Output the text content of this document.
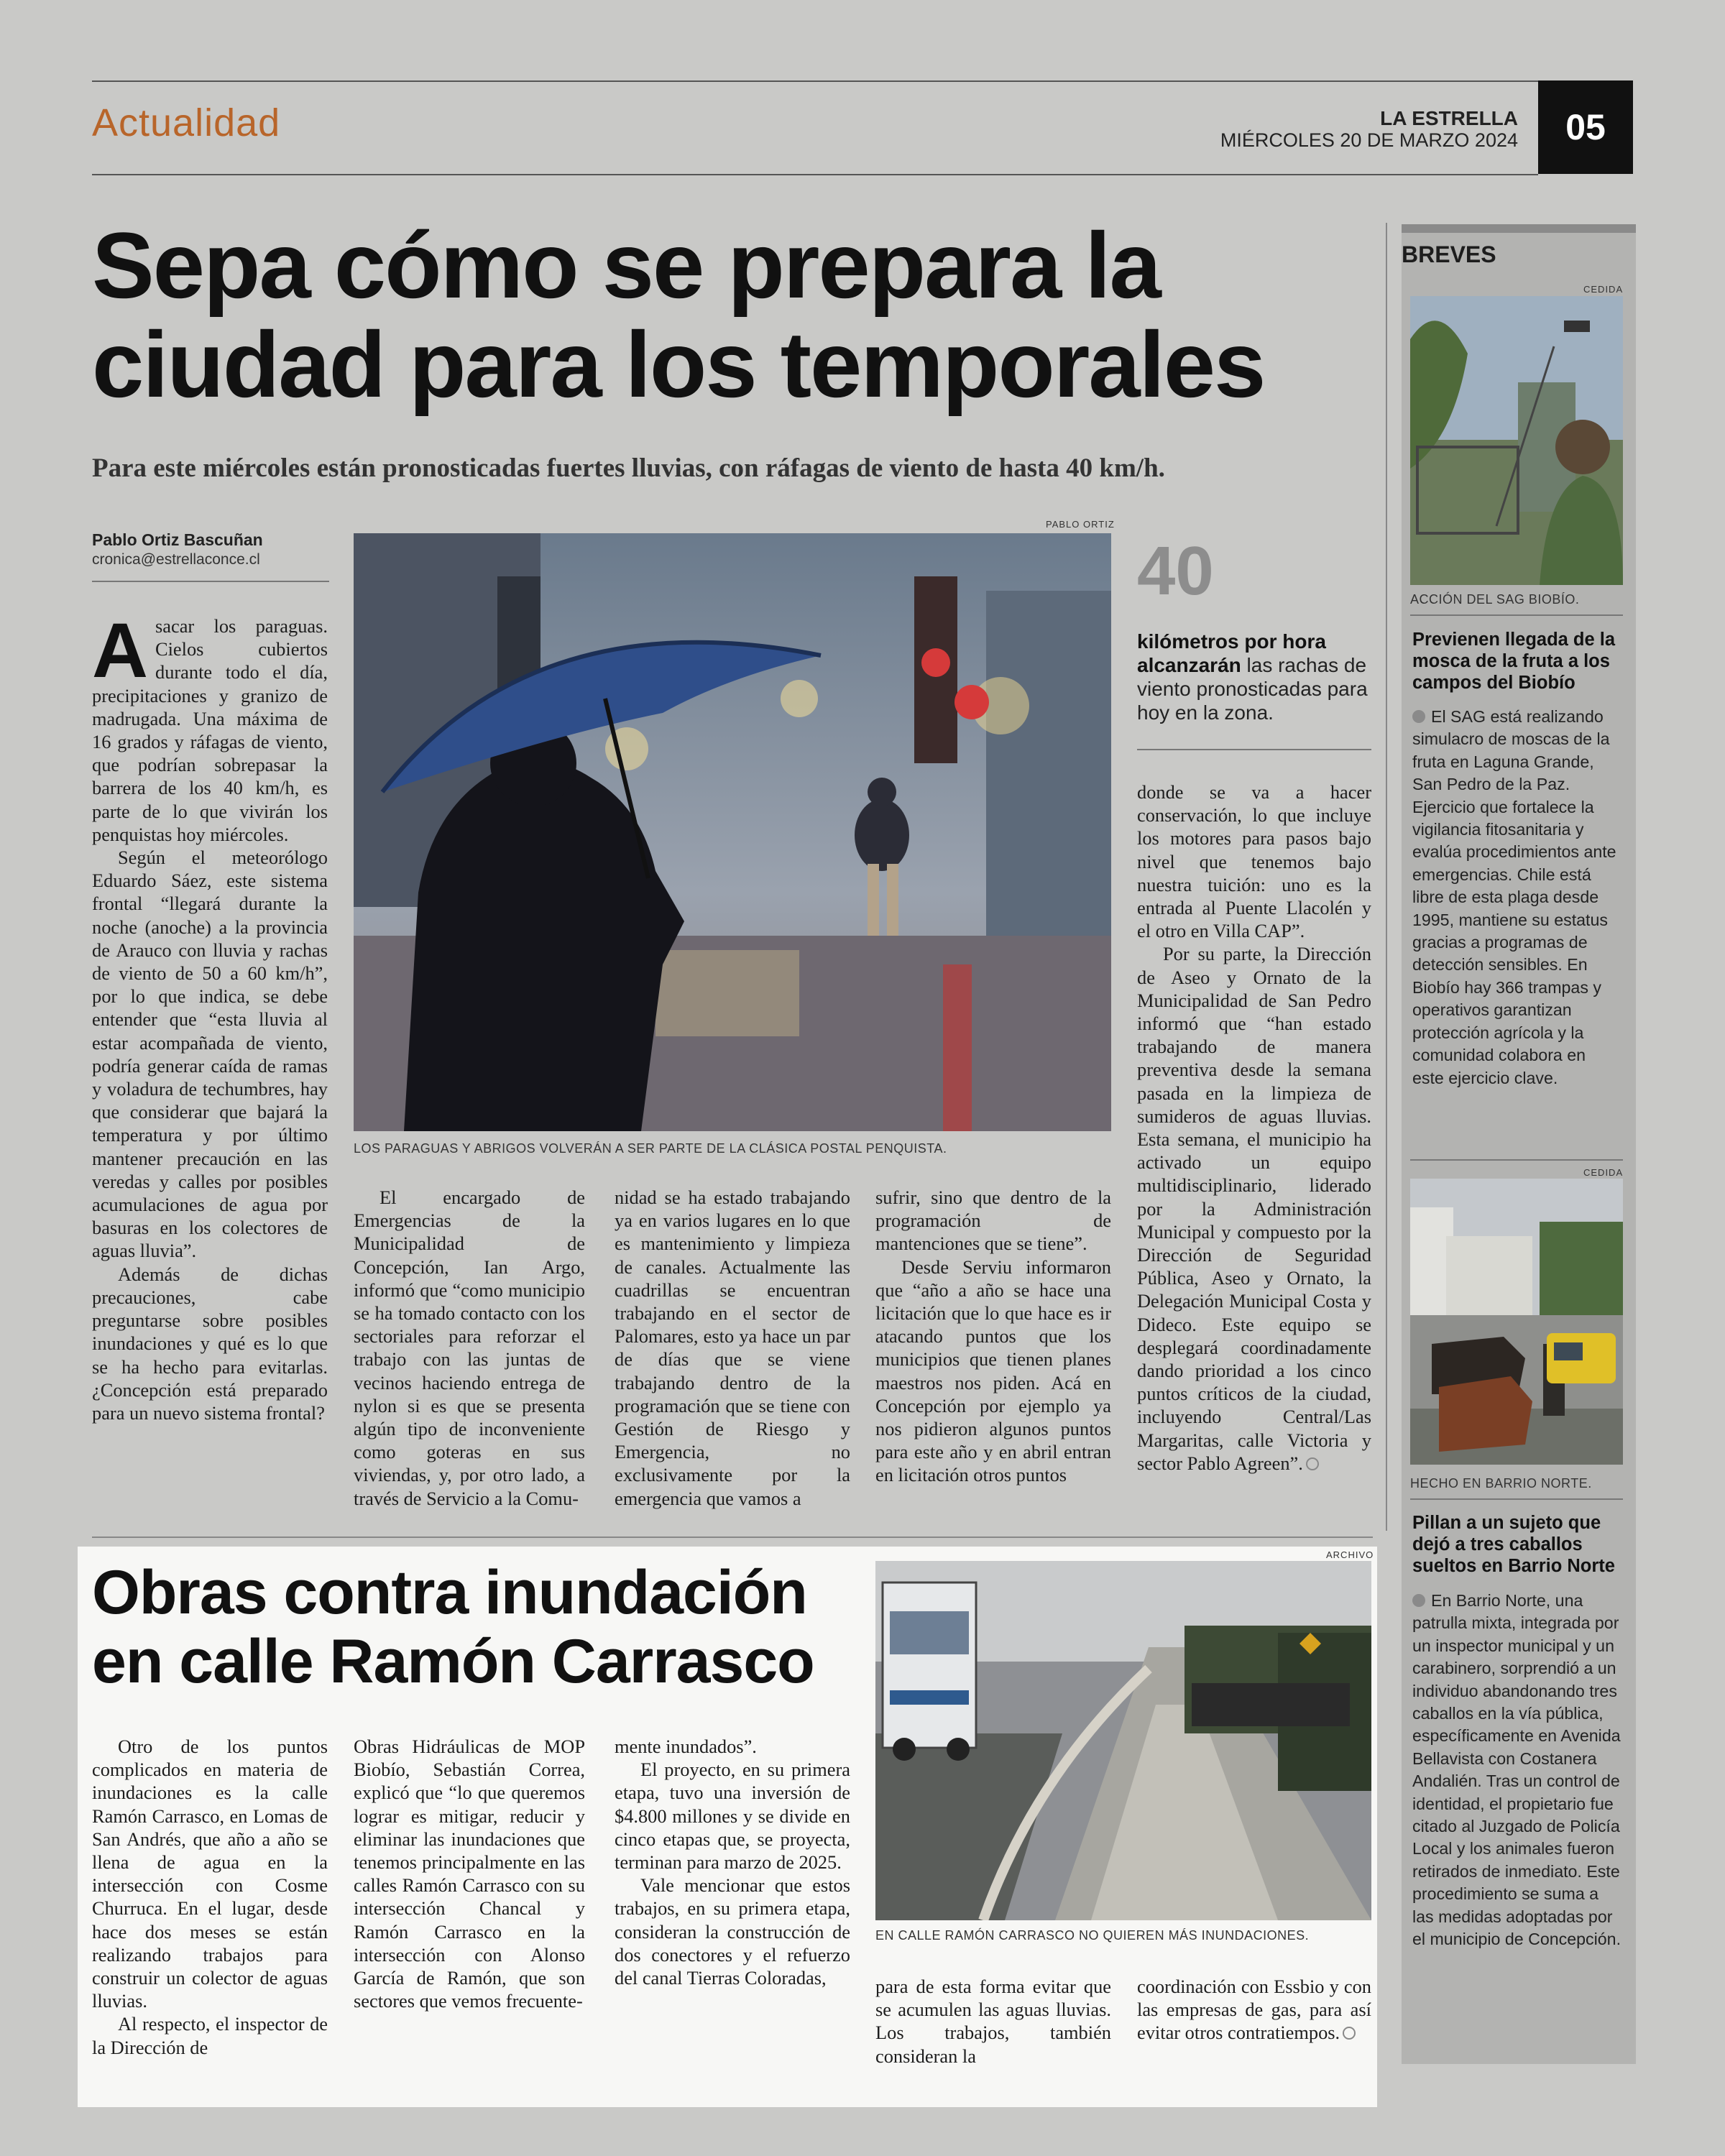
Actualidad	LA ESTRELLA
MIÉRCOLES 20 DE MARZO 2024	05
Sepa cómo se prepara la ciudad para los temporales
Para este miércoles están pronosticadas fuertes lluvias, con ráfagas de viento de hasta 40 km/h.
Pablo Ortiz Bascuñan
cronica@estrellaconce.cl
PABLO ORTIZ
LOS PARAGUAS Y ABRIGOS VOLVERÁN A SER PARTE DE LA CLÁSICA POSTAL PENQUISTA.
40
kilómetros por hora alcanzarán las rachas de viento pronosticadas para hoy en la zona.

Asacar los paraguas. Cielos cubiertos durante todo el día, precipitaciones y granizo de madrugada. Una máxima de 16 grados y ráfagas de viento, que podrían sobrepasar la barrera de los 40 km/h, es parte de lo que vivirán los penquistas hoy miércoles.

Según el meteorólogo Eduardo Sáez, este sistema frontal “llegará durante la noche (anoche) a la provincia de Arauco con lluvia y rachas de viento de 50 a 60 km/h”, por lo que indica, se debe entender que “esta lluvia al estar acompañada de viento, podría generar caída de ramas y voladura de techumbres, hay que considerar que bajará la temperatura y por último mantener precaución en las veredas y calles por posibles acumulaciones de agua por basuras en los colectores de aguas lluvia”.

Además de dichas precauciones, cabe preguntarse sobre posibles inundaciones y qué es lo que se ha hecho para evitarlas. ¿Concepción está preparado para un nuevo sistema frontal?

El encargado de Emergencias de la Municipalidad de Concepción, Ian Argo, informó que “como municipio se ha tomado contacto con los sectoriales para reforzar el trabajo con las juntas de vecinos haciendo entrega de nylon si es que se presenta algún tipo de inconveniente como goteras en sus viviendas, y, por otro lado, a través de Servicio a la Comu-

nidad se ha estado trabajando ya en varios lugares en lo que es mantenimiento y limpieza de canales. Actualmente las cuadrillas se encuentran trabajando en el sector de Palomares, esto ya hace un par de días que se viene trabajando dentro de la programación que se tiene con Gestión de Riesgo y Emergencia, no exclusivamente por la emergencia que vamos a

sufrir, sino que dentro de la programación de mantenciones que se tiene”.

Desde Serviu informaron que “año a año se hace una licitación que lo que hace es ir atacando puntos que los municipios que tienen planes maestros nos piden. Acá en Concepción por ejemplo ya nos pidieron algunos puntos para este año y en abril entran en licitación otros puntos

donde se va a hacer conservación, lo que incluye los motores para pasos bajo nivel que tenemos bajo nuestra tuición: uno es la entrada al Puente Llacolén y el otro en Villa CAP”.

Por su parte, la Dirección de Aseo y Ornato de la Municipalidad de San Pedro informó que “han estado trabajando de manera preventiva desde la semana pasada en la limpieza de sumideros de aguas lluvias. Esta semana, el municipio ha activado un equipo multidisciplinario, liderado por la Administración Municipal y compuesto por la Dirección de Seguridad Pública, Aseo y Ornato, la Delegación Municipal Costa y Dideco. Este equipo se desplegará coordinadamente dando prioridad a los cinco puntos críticos de la ciudad, incluyendo Central/Las Margaritas, calle Victoria y sector Pablo Agreen”.

Obras contra inundación en calle Ramón Carrasco
ARCHIVO
EN CALLE RAMÓN CARRASCO NO QUIEREN MÁS INUNDACIONES.

Otro de los puntos complicados en materia de inundaciones es la calle Ramón Carrasco, en Lomas de San Andrés, que año a año se llena de agua en la intersección con Cosme Churruca. En el lugar, desde hace dos meses se están realizando trabajos para construir un colector de aguas lluvias.

Al respecto, el inspector de la Dirección de

Obras Hidráulicas de MOP Biobío, Sebastián Correa, explicó que “lo que queremos lograr es mitigar, reducir y eliminar las inundaciones que tenemos principalmente en las calles Ramón Carrasco con su intersección Chancal y Ramón Carrasco en la intersección con Alonso García de Ramón, que son sectores que vemos frecuente-

mente inundados”.

El proyecto, en su primera etapa, tuvo una inversión de $4.800 millones y se divide en cinco etapas que, se proyecta, terminan para marzo de 2025.

Vale mencionar que estos trabajos, en su primera etapa, consideran la construcción de dos conectores y el refuerzo del canal Tierras Coloradas,	para de esta forma evitar que se acumulen las aguas lluvias. Los trabajos, también consideran la

coordinación con Essbio y con las empresas de gas, para así evitar otros contratiempos.

BREVES
CEDIDA
ACCIÓN DEL SAG BIOBÍO.
Previenen llegada de la mosca de la fruta a los campos del Biobío
El SAG está realizando simulacro de moscas de la fruta en Laguna Grande, San Pedro de la Paz. Ejercicio que fortalece la vigilancia fitosanitaria y evalúa procedimientos ante emergencias. Chile está libre de esta plaga desde 1995, mantiene su estatus gracias a programas de detección sensibles. En Biobío hay 366 trampas y operativos garantizan protección agrícola y la comunidad colabora en este ejercicio clave.
CEDIDA
HECHO EN BARRIO NORTE.
Pillan a un sujeto que dejó a tres caballos sueltos en Barrio Norte
En Barrio Norte, una patrulla mixta, integrada por un inspector municipal y un carabinero, sorprendió a un individuo abandonando tres caballos en la vía pública, específicamente en Avenida Bellavista con Costanera Andalién. Tras un control de identidad, el propietario fue citado al Juzgado de Policía Local y los animales fueron retirados de inmediato. Este procedimiento se suma a las medidas adoptadas por el municipio de Concepción.
